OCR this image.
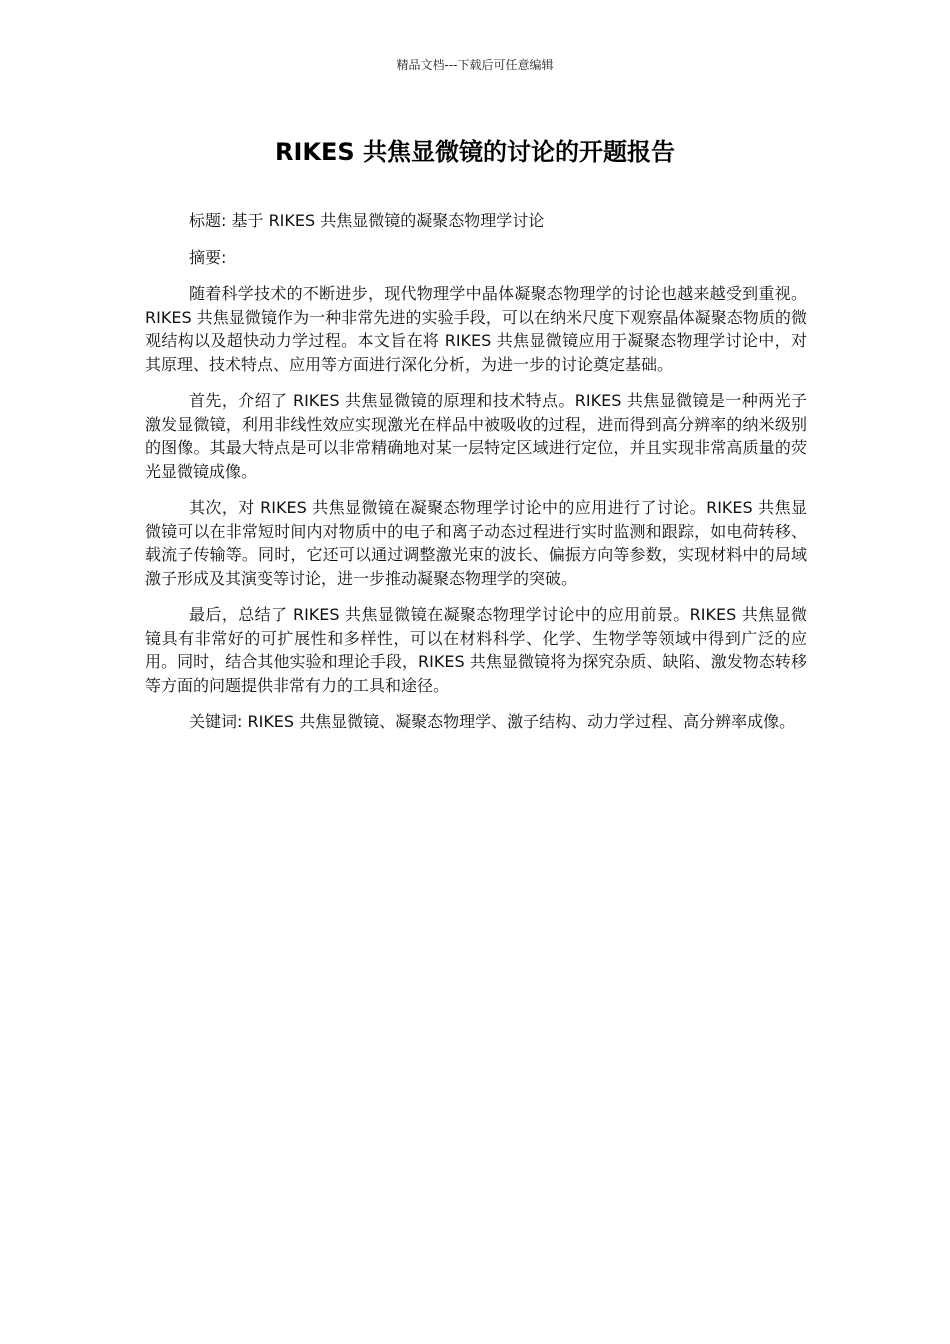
精品文档---下载后可任意编辑
RIKES 共焦显微镜的讨论的开题报告

标题: 基于 RIKES 共焦显微镜的凝聚态物理学讨论

摘要:

随着科学技术的不断进步，现代物理学中晶体凝聚态物理学的讨论也越来越受到重视。RIKES 共焦显微镜作为一种非常先进的实验手段，可以在纳米尺度下观察晶体凝聚态物质的微观结构以及超快动力学过程。本文旨在将 RIKES 共焦显微镜应用于凝聚态物理学讨论中，对其原理、技术特点、应用等方面进行深化分析，为进一步的讨论奠定基础。

首先，介绍了 RIKES 共焦显微镜的原理和技术特点。RIKES 共焦显微镜是一种两光子激发显微镜，利用非线性效应实现激光在样品中被吸收的过程，进而得到高分辨率的纳米级别的图像。其最大特点是可以非常精确地对某一层特定区域进行定位，并且实现非常高质量的荧光显微镜成像。

其次，对 RIKES 共焦显微镜在凝聚态物理学讨论中的应用进行了讨论。RIKES 共焦显微镜可以在非常短时间内对物质中的电子和离子动态过程进行实时监测和跟踪，如电荷转移、载流子传输等。同时，它还可以通过调整激光束的波长、偏振方向等参数，实现材料中的局域激子形成及其演变等讨论，进一步推动凝聚态物理学的突破。

最后，总结了 RIKES 共焦显微镜在凝聚态物理学讨论中的应用前景。RIKES 共焦显微镜具有非常好的可扩展性和多样性，可以在材料科学、化学、生物学等领域中得到广泛的应用。同时，结合其他实验和理论手段，RIKES 共焦显微镜将为探究杂质、缺陷、激发物态转移等方面的问题提供非常有力的工具和途径。

关键词: RIKES 共焦显微镜、凝聚态物理学、激子结构、动力学过程、高分辨率成像。
